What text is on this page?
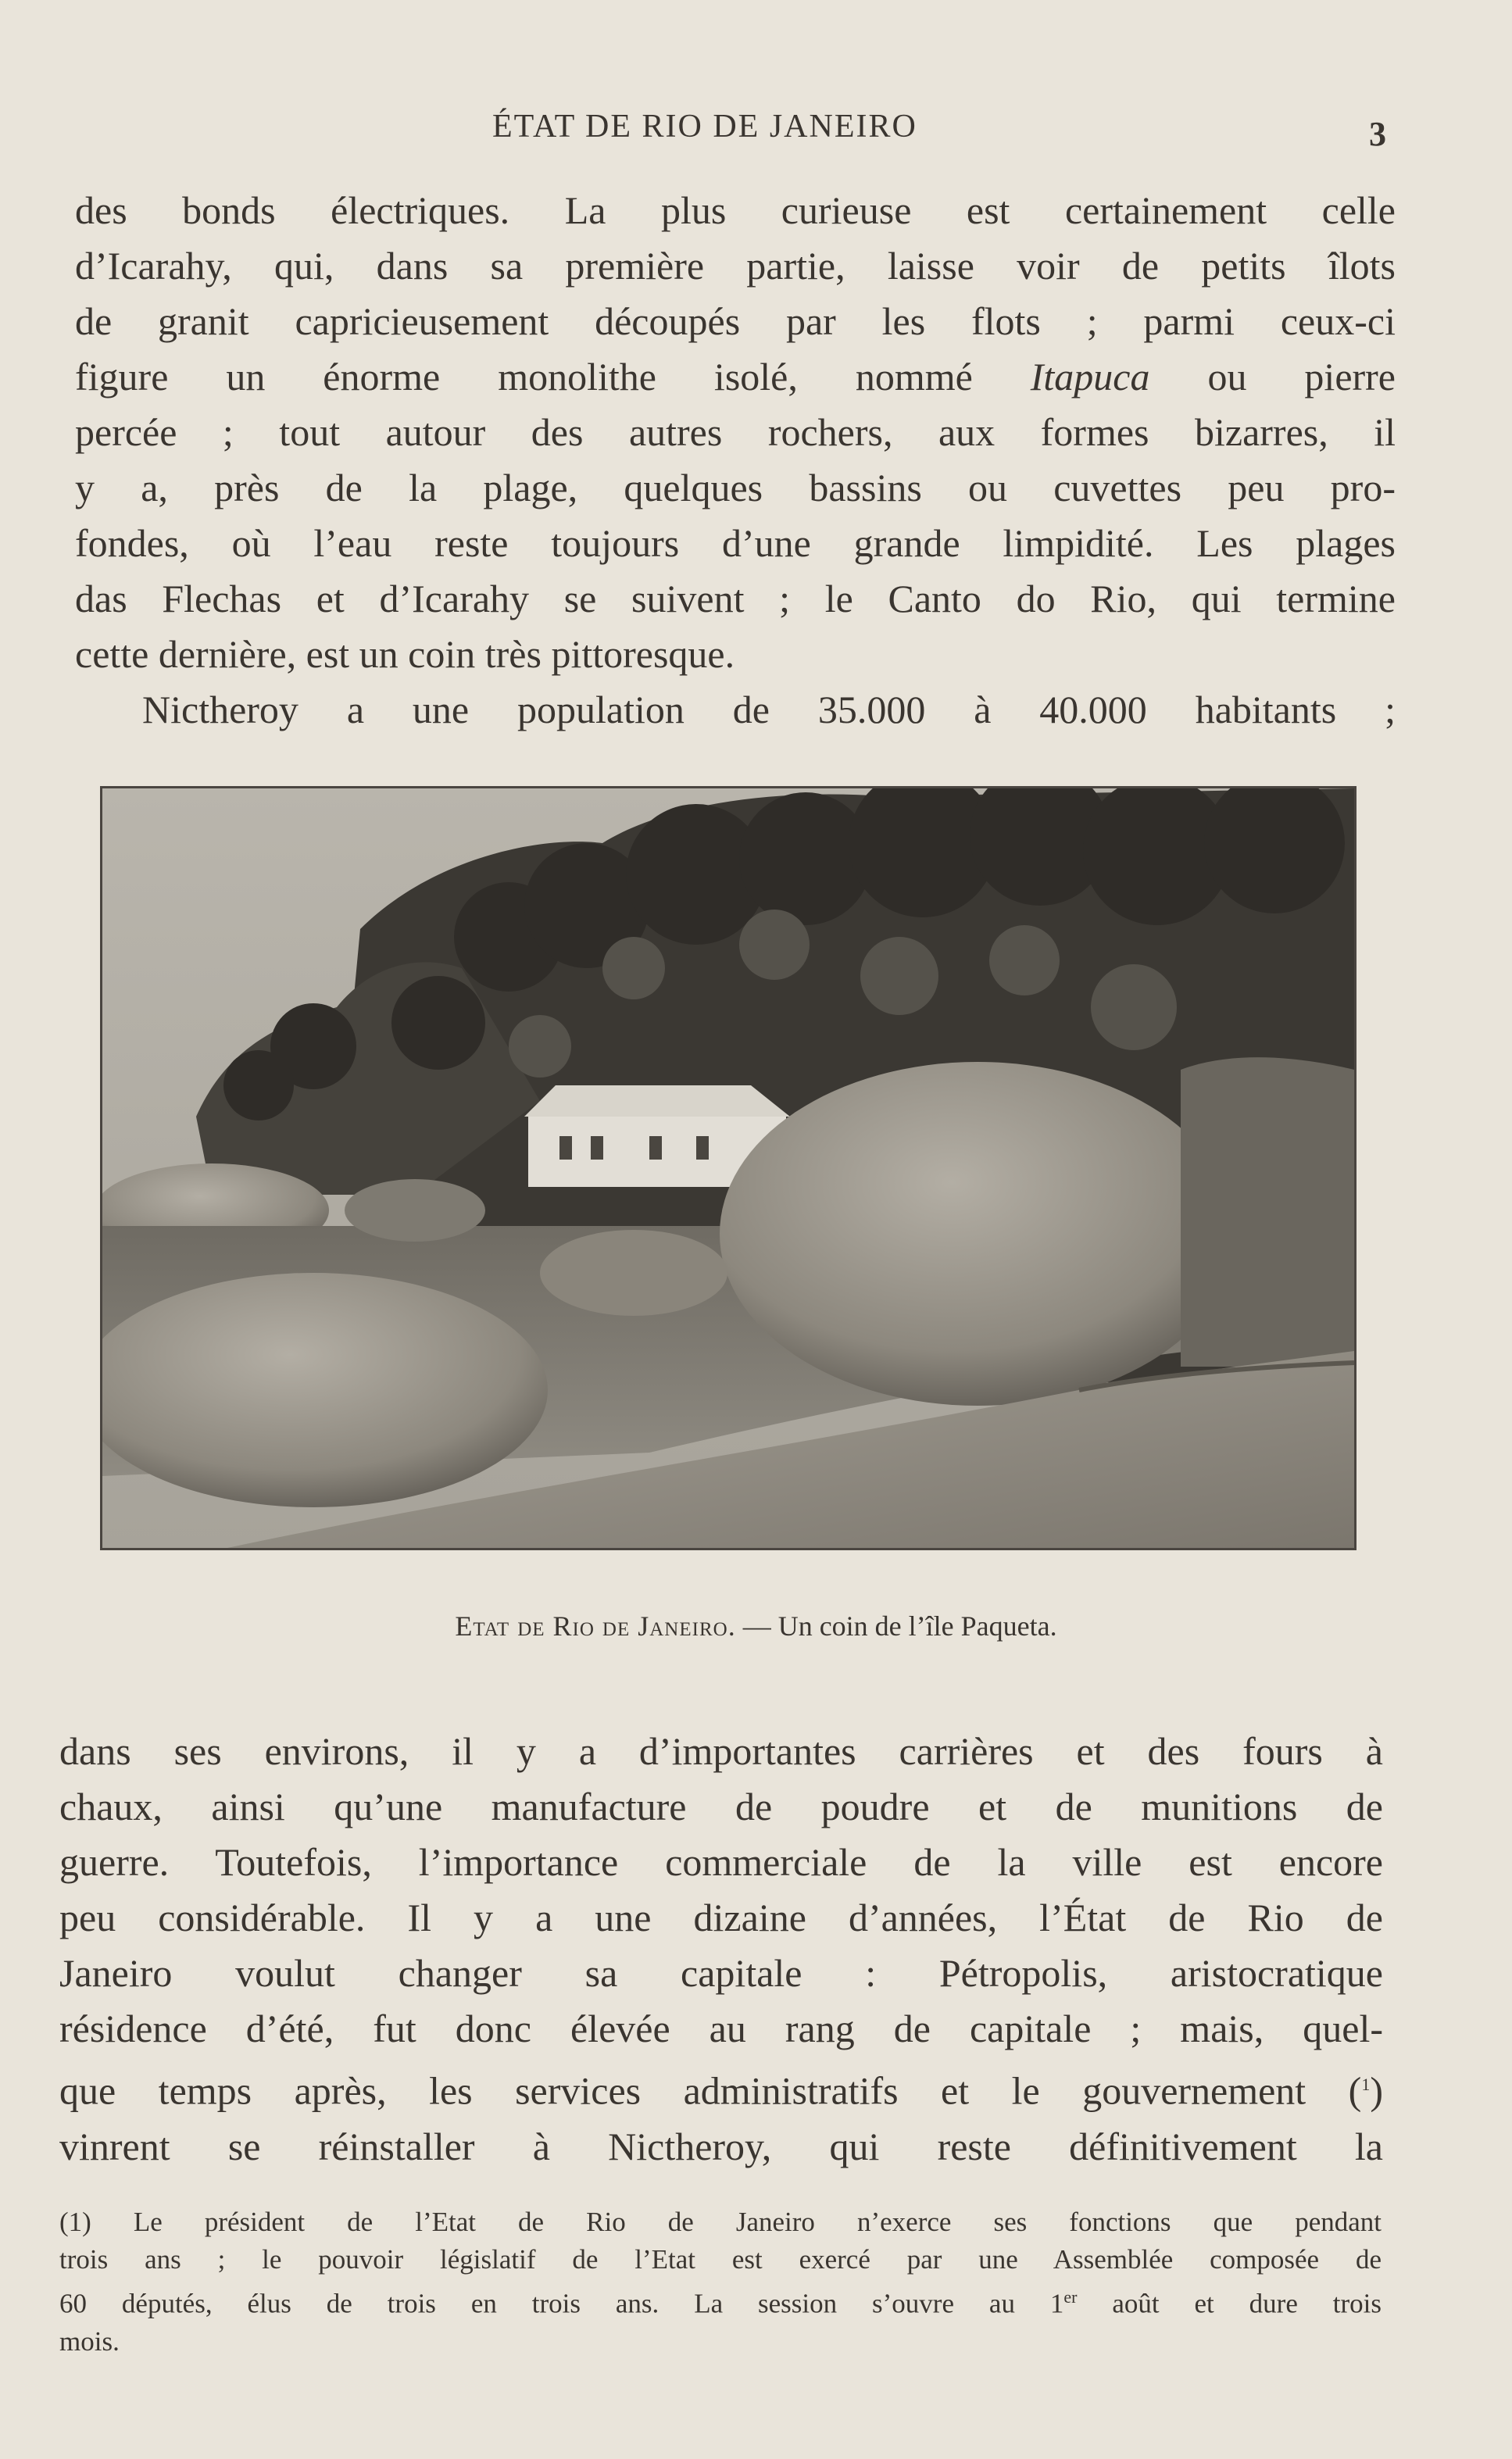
ÉTAT DE RIO DE JANEIRO	3
des bonds électriques. La plus curieuse est certainement celle
d’Icarahy, qui, dans sa première partie, laisse voir de petits îlots
de granit capricieusement découpés par les flots ; parmi ceux-ci
figure un énorme monolithe isolé, nommé Itapuca ou pierre
percée ; tout autour des autres rochers, aux formes bizarres, il
y a, près de la plage, quelques bassins ou cuvettes peu pro-
fondes, où l’eau reste toujours d’une grande limpidité. Les plages
das Flechas et d’Icarahy se suivent ; le Canto do Rio, qui termine
cette dernière, est un coin très pittoresque.
Nictheroy a une population de 35.000 à 40.000 habitants ;
Etat de Rio de Janeiro. — Un coin de l’île Paqueta.
dans ses environs, il y a d’importantes carrières et des fours à
chaux, ainsi qu’une manufacture de poudre et de munitions de
guerre. Toutefois, l’importance commerciale de la ville est encore
peu considérable. Il y a une dizaine d’années, l’État de Rio de
Janeiro voulut changer sa capitale : Pétropolis, aristocratique
résidence d’été, fut donc élevée au rang de capitale ; mais, quel-
que temps après, les services administratifs et le gouvernement ($^1$)
vinrent se réinstaller à Nictheroy, qui reste définitivement la
(1) Le président de l’Etat de Rio de Janeiro n’exerce ses fonctions que pendant
trois ans ; le pouvoir législatif de l’Etat est exercé par une Assemblée composée de
60 députés, élus de trois en trois ans. La session s’ouvre au 1er août et dure trois
mois.
